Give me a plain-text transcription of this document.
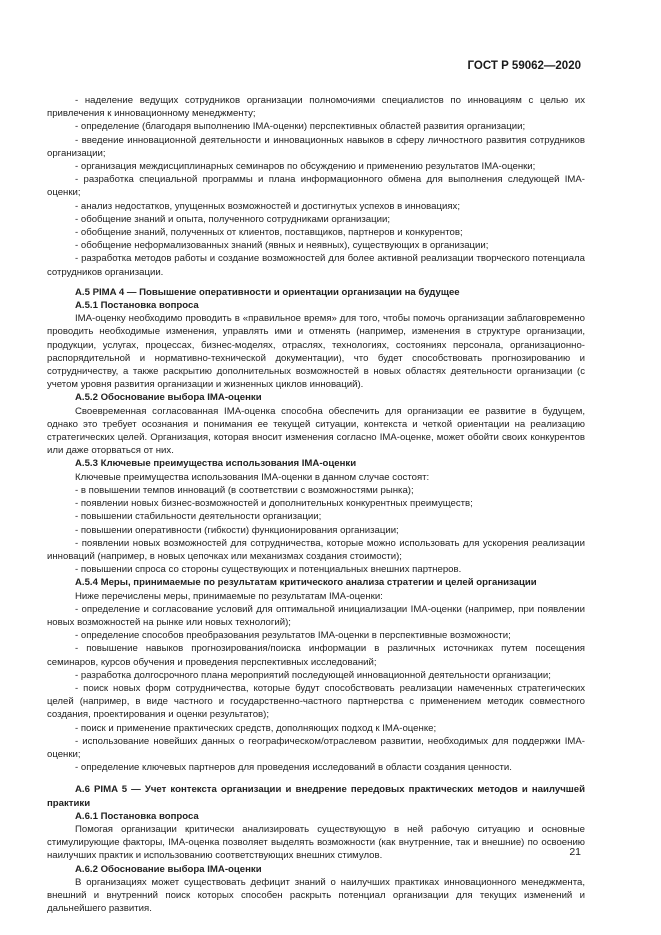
ГОСТ Р 59062—2020

- наделение ведущих сотрудников организации полномочиями специалистов по инновациям с целью их привлечения к инновационному менеджменту;

- определение (благодаря выполнению IMA-оценки) перспективных областей развития организации;

- введение инновационной деятельности и инновационных навыков в сферу личностного развития сотрудников организации;

- организация междисциплинарных семинаров по обсуждению и применению результатов IMA-оценки;

- разработка специальной программы и плана информационного обмена для выполнения следующей IMA-оценки;

- анализ недостатков, упущенных возможностей и достигнутых успехов в инновациях;

- обобщение знаний и опыта, полученного сотрудниками организации;

- обобщение знаний, полученных от клиентов, поставщиков, партнеров и конкурентов;

- обобщение неформализованных знаний (явных и неявных), существующих в организации;

- разработка методов работы и создание возможностей для более активной реализации творческого потенциала сотрудников организации.

А.5 PIMA 4 — Повышение оперативности и ориентации организации на будущее

А.5.1 Постановка вопроса

IMA-оценку необходимо проводить в «правильное время» для того, чтобы помочь организации заблаговременно проводить необходимые изменения, управлять ими и отменять (например, изменения в структуре организации, продукции, услугах, процессах, бизнес-моделях, отраслях, технологиях, состояниях персонала, организационно-распорядительной и нормативно-технической документации), что будет способствовать прогнозированию и сотрудничеству, а также раскрытию дополнительных возможностей в новых областях деятельности организации (с учетом уровня развития организации и жизненных циклов инноваций).

А.5.2 Обоснование выбора IMA-оценки

Своевременная согласованная IMA-оценка способна обеспечить для организации ее развитие в будущем, однако это требует осознания и понимания ее текущей ситуации, контекста и четкой ориентации на реализацию стратегических целей. Организация, которая вносит изменения согласно IMA-оценке, может обойти своих конкурентов или даже оторваться от них.

А.5.3 Ключевые преимущества использования IMA-оценки

Ключевые преимущества использования IMA-оценки в данном случае состоят:

- в повышении темпов инноваций (в соответствии с возможностями рынка);

- появлении новых бизнес-возможностей и дополнительных конкурентных преимуществ;

- повышении стабильности деятельности организации;

- повышении оперативности (гибкости) функционирования организации;

- появлении новых возможностей для сотрудничества, которые можно использовать для ускорения реализации инноваций (например, в новых цепочках или механизмах создания стоимости);

- повышении спроса со стороны существующих и потенциальных внешних партнеров.

А.5.4 Меры, принимаемые по результатам критического анализа стратегии и целей организации

Ниже перечислены меры, принимаемые по результатам IMA-оценки:

- определение и согласование условий для оптимальной инициализации IMA-оценки (например, при появлении новых возможностей на рынке или новых технологий);

- определение способов преобразования результатов IMA-оценки в перспективные возможности;

- повышение навыков прогнозирования/поиска информации в различных источниках путем посещения семинаров, курсов обучения и проведения перспективных исследований;

- разработка долгосрочного плана мероприятий последующей инновационной деятельности организации;

- поиск новых форм сотрудничества, которые будут способствовать реализации намеченных стратегических целей (например, в виде частного и государственно-частного партнерства с применением методик совместного создания, проектирования и оценки результатов);

- поиск и применение практических средств, дополняющих подход к IMA-оценке;

- использование новейших данных о географическом/отраслевом развитии, необходимых для поддержки IMA-оценки;

- определение ключевых партнеров для проведения исследований в области создания ценности.

А.6 PIMA 5 — Учет контекста организации и внедрение передовых практических методов и наилучшей практики

А.6.1 Постановка вопроса

Помогая организации критически анализировать существующую в ней рабочую ситуацию и основные стимулирующие факторы, IMA-оценка позволяет выделять возможности (как внутренние, так и внешние) по освоению наилучших практик и использованию соответствующих внешних стимулов.

А.6.2 Обоснование выбора IMA-оценки

В организациях может существовать дефицит знаний о наилучших практиках инновационного менеджмента, внешний и внутренний поиск которых способен раскрыть потенциал организации для текущих изменений и дальнейшего развития.

21
